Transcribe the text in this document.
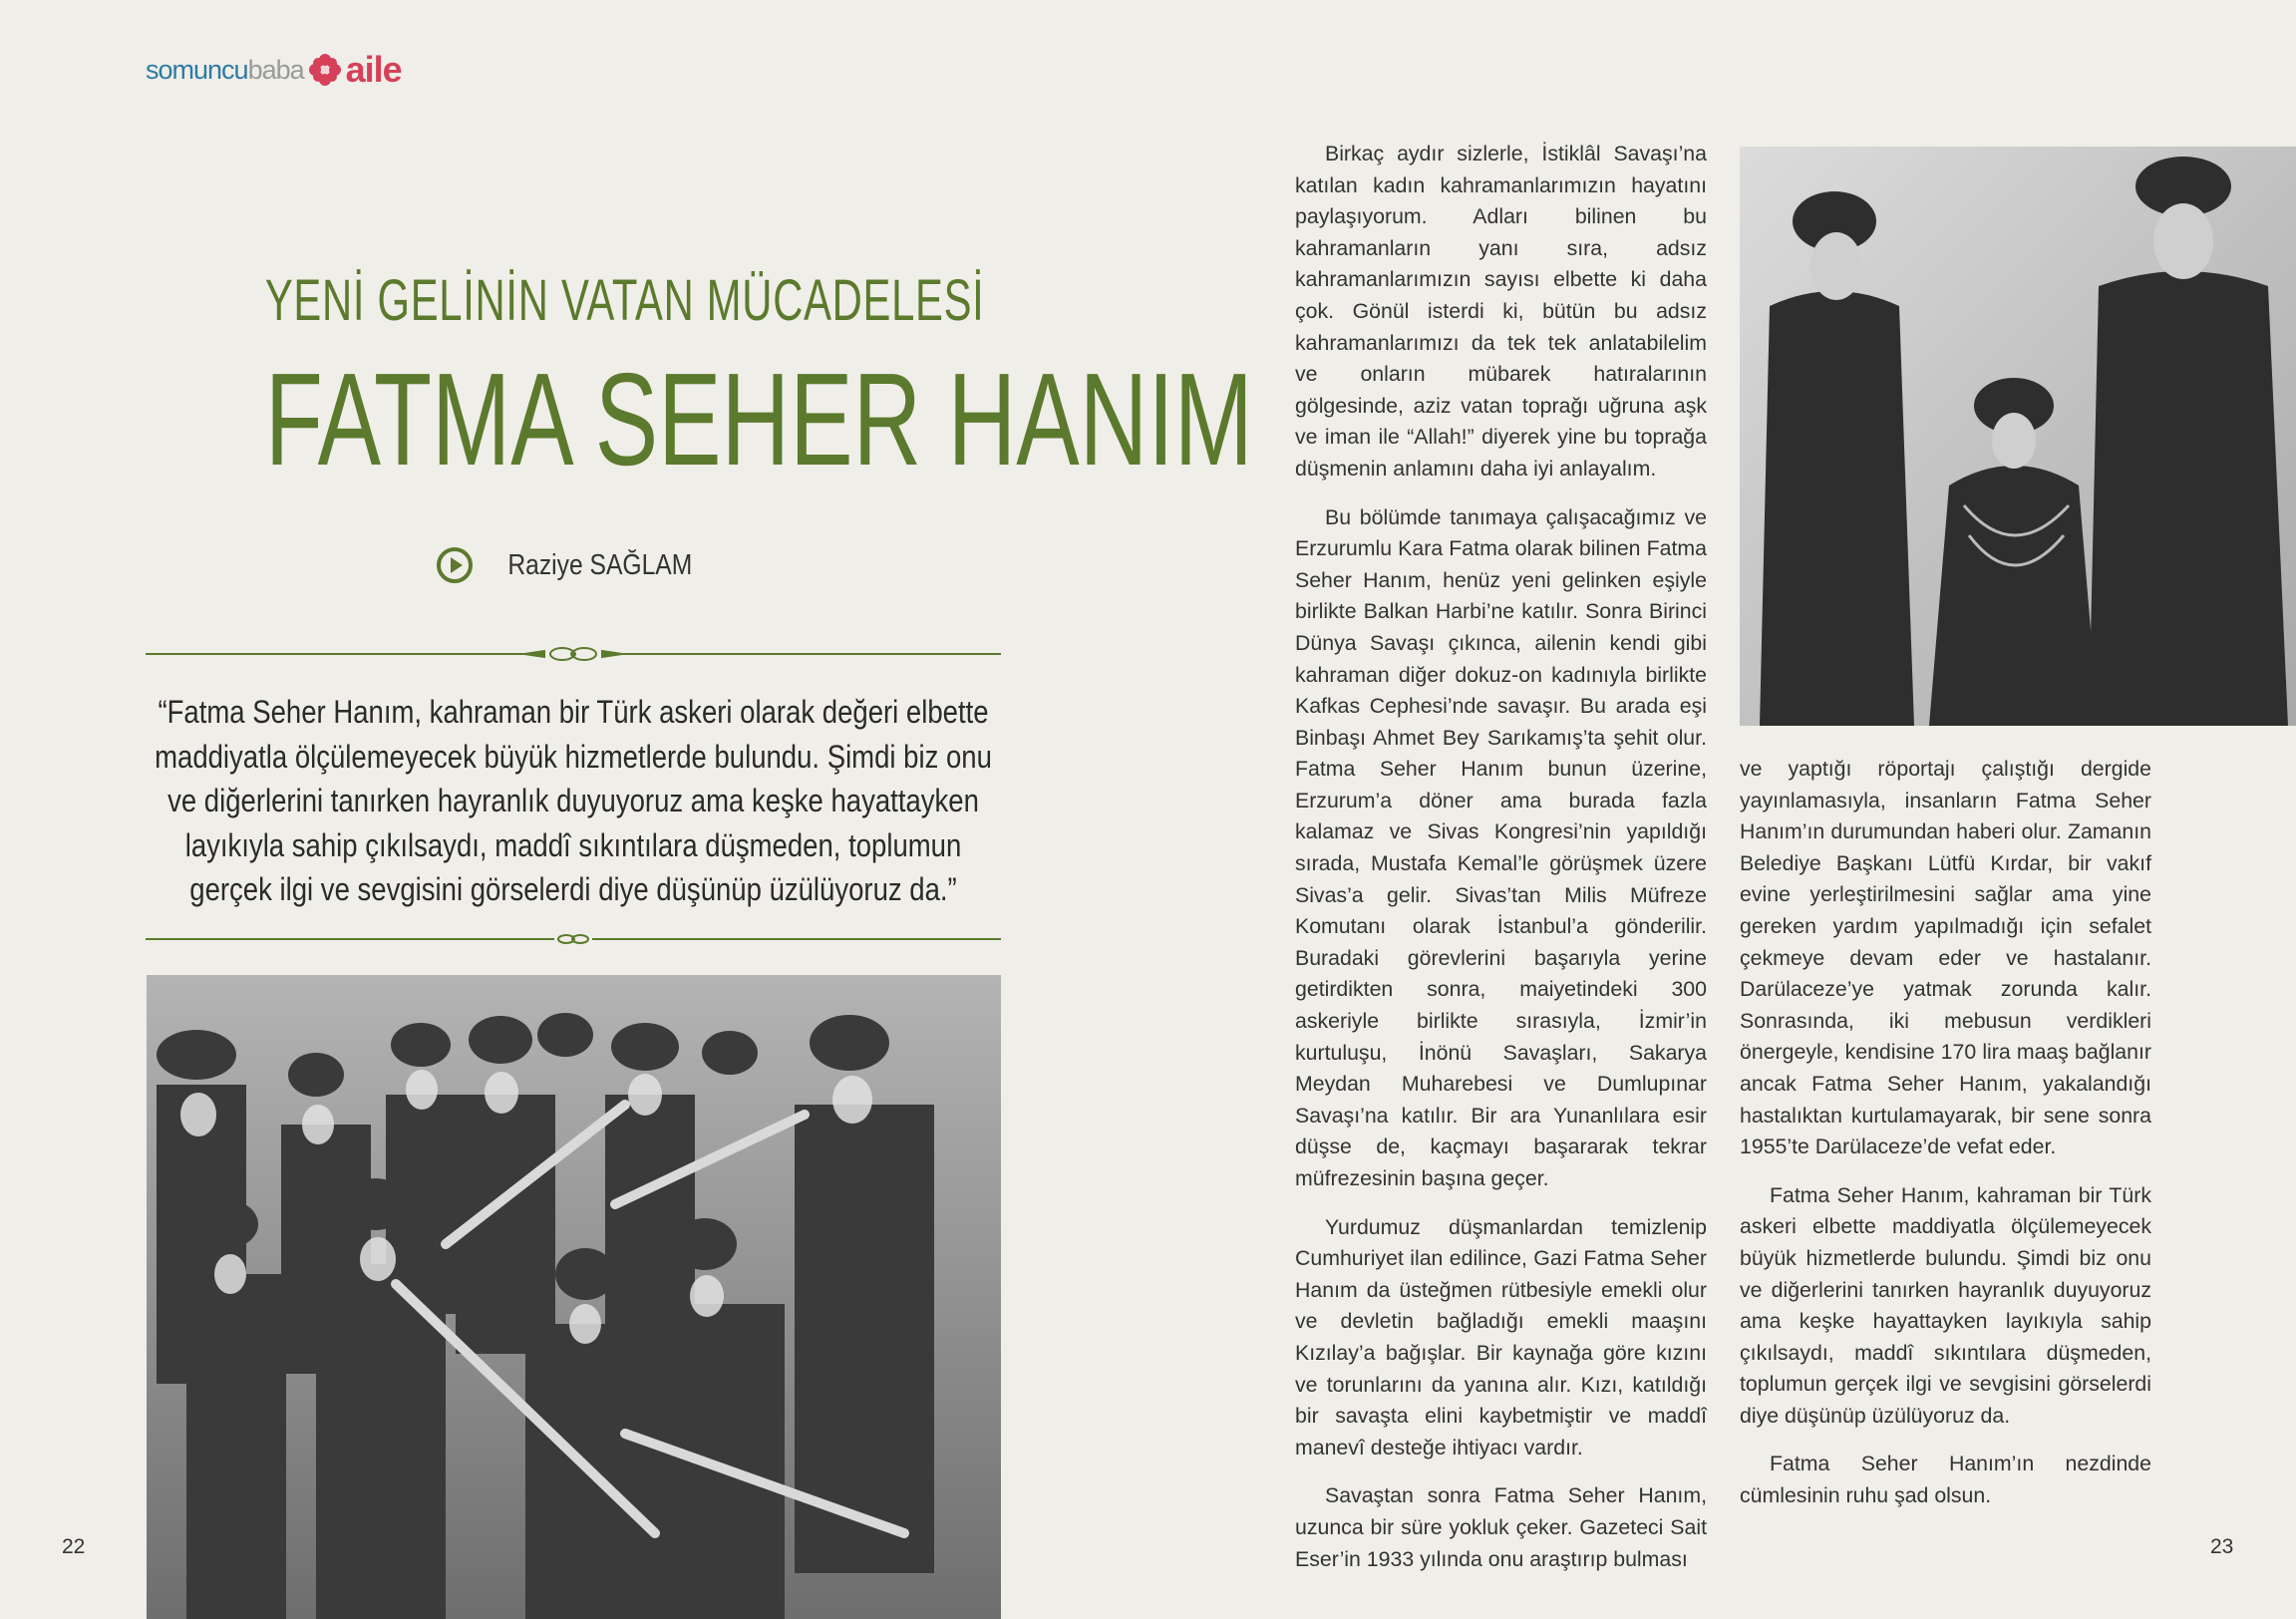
somuncubaba aile
YENİ GELİNİN VATAN MÜCADELESİ
FATMA SEHER HANIM
Raziye SAĞLAM
“Fatma Seher Hanım, kahraman bir Türk askeri olarak değeri elbette maddiyatla ölçülemeyecek büyük hizmetlerde bulundu. Şimdi biz onu ve diğerlerini tanırken hayranlık duyuyoruz ama keşke hayattayken layıkıyla sahip çıkılsaydı, maddî sıkıntılara düşmeden, toplumun gerçek ilgi ve sevgisini görselerdi diye düşünüp üzülüyoruz da.”
22	23

Birkaç aydır sizlerle, İstiklâl Savaşı’na katılan kadın kahramanlarımızın hayatını paylaşıyorum. Adları bilinen bu kahramanların yanı sıra, adsız kahramanlarımızın sayısı elbette ki daha çok. Gönül isterdi ki, bütün bu adsız kahramanlarımızı da tek tek anlatabilelim ve onların mübarek hatıralarının gölgesinde, aziz vatan toprağı uğruna aşk ve iman ile “Allah!” diyerek yine bu toprağa düşmenin anlamını daha iyi anlayalım.

Bu bölümde tanımaya çalışacağımız ve Erzurumlu Kara Fatma olarak bilinen Fatma Seher Hanım, henüz yeni gelinken eşiyle birlikte Balkan Harbi’ne katılır. Sonra Birinci Dünya Savaşı çıkınca, ailenin kendi gibi kahraman diğer dokuz-on kadınıyla birlikte Kafkas Cephesi’nde savaşır. Bu arada eşi Binbaşı Ahmet Bey Sarıkamış’ta şehit olur. Fatma Seher Hanım bunun üzerine, Erzurum’a döner ama burada fazla kalamaz ve Sivas Kongresi’nin yapıldığı sırada, Mustafa Kemal’le görüşmek üzere Sivas’a gelir. Sivas’tan Milis Müfreze Komutanı olarak İstanbul’a gönderilir. Buradaki görevlerini başarıyla yerine getirdikten sonra, maiyetindeki 300 askeriyle birlikte sırasıyla, İzmir’in kurtuluşu, İnönü Savaşları, Sakarya Meydan Muharebesi ve Dumlupınar Savaşı’na katılır. Bir ara Yunanlılara esir düşse de, kaçmayı başararak tekrar müfrezesinin başına geçer.

Yurdumuz düşmanlardan temizlenip Cumhuriyet ilan edilince, Gazi Fatma Seher Hanım da üsteğmen rütbesiyle emekli olur ve devletin bağladığı emekli maaşını Kızılay’a bağışlar. Bir kaynağa göre kızını ve torunlarını da yanına alır. Kızı, katıldığı bir savaşta elini kaybetmiştir ve maddî manevî desteğe ihtiyacı vardır.

Savaştan sonra Fatma Seher Hanım, uzunca bir süre yokluk çeker. Gazeteci Sait Eser’in 1933 yılında onu araştırıp bulması

ve yaptığı röportajı çalıştığı dergide yayınlamasıyla, insanların Fatma Seher Hanım’ın durumundan haberi olur. Zamanın Belediye Başkanı Lütfü Kırdar, bir vakıf evine yerleştirilmesini sağlar ama yine gereken yardım yapılmadığı için sefalet çekmeye devam eder ve hastalanır. Darülaceze’ye yatmak zorunda kalır. Sonrasında, iki mebusun verdikleri önergeyle, kendisine 170 lira maaş bağlanır ancak Fatma Seher Hanım, yakalandığı hastalıktan kurtulamayarak, bir sene sonra 1955’te Darülaceze’de vefat eder.

Fatma Seher Hanım, kahraman bir Türk askeri elbette maddiyatla ölçülemeyecek büyük hizmetlerde bulundu. Şimdi biz onu ve diğerlerini tanırken hayranlık duyuyoruz ama keşke hayattayken layıkıyla sahip çıkılsaydı, maddî sıkıntılara düşmeden, toplumun gerçek ilgi ve sevgisini görselerdi diye düşünüp üzülüyoruz da.

Fatma Seher Hanım’ın nezdinde cümlesinin ruhu şad olsun.
